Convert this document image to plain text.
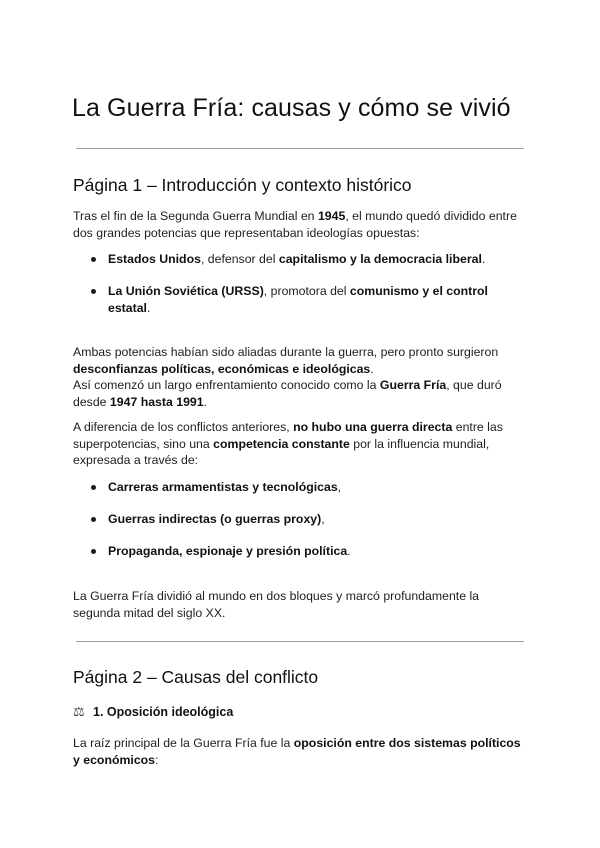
La Guerra Fría: causas y cómo se vivió
Página 1 – Introducción y contexto histórico

Tras el fin de la Segunda Guerra Mundial en 1945, el mundo quedó dividido entre dos grandes potencias que representaban ideologías opuestas:

Estados Unidos, defensor del capitalismo y la democracia liberal.
La Unión Soviética (URSS), promotora del comunismo y el control estatal.

Ambas potencias habían sido aliadas durante la guerra, pero pronto surgieron desconfianzas políticas, económicas e ideológicas.
Así comenzó un largo enfrentamiento conocido como la Guerra Fría, que duró desde 1947 hasta 1991.

A diferencia de los conflictos anteriores, no hubo una guerra directa entre las superpotencias, sino una competencia constante por la influencia mundial, expresada a través de:

Carreras armamentistas y tecnológicas,
Guerras indirectas (o guerras proxy),
Propaganda, espionaje y presión política.

La Guerra Fría dividió al mundo en dos bloques y marcó profundamente la segunda mitad del siglo XX.

Página 2 – Causas del conflicto
⚖ 1. Oposición ideológica

La raíz principal de la Guerra Fría fue la oposición entre dos sistemas políticos y económicos:
